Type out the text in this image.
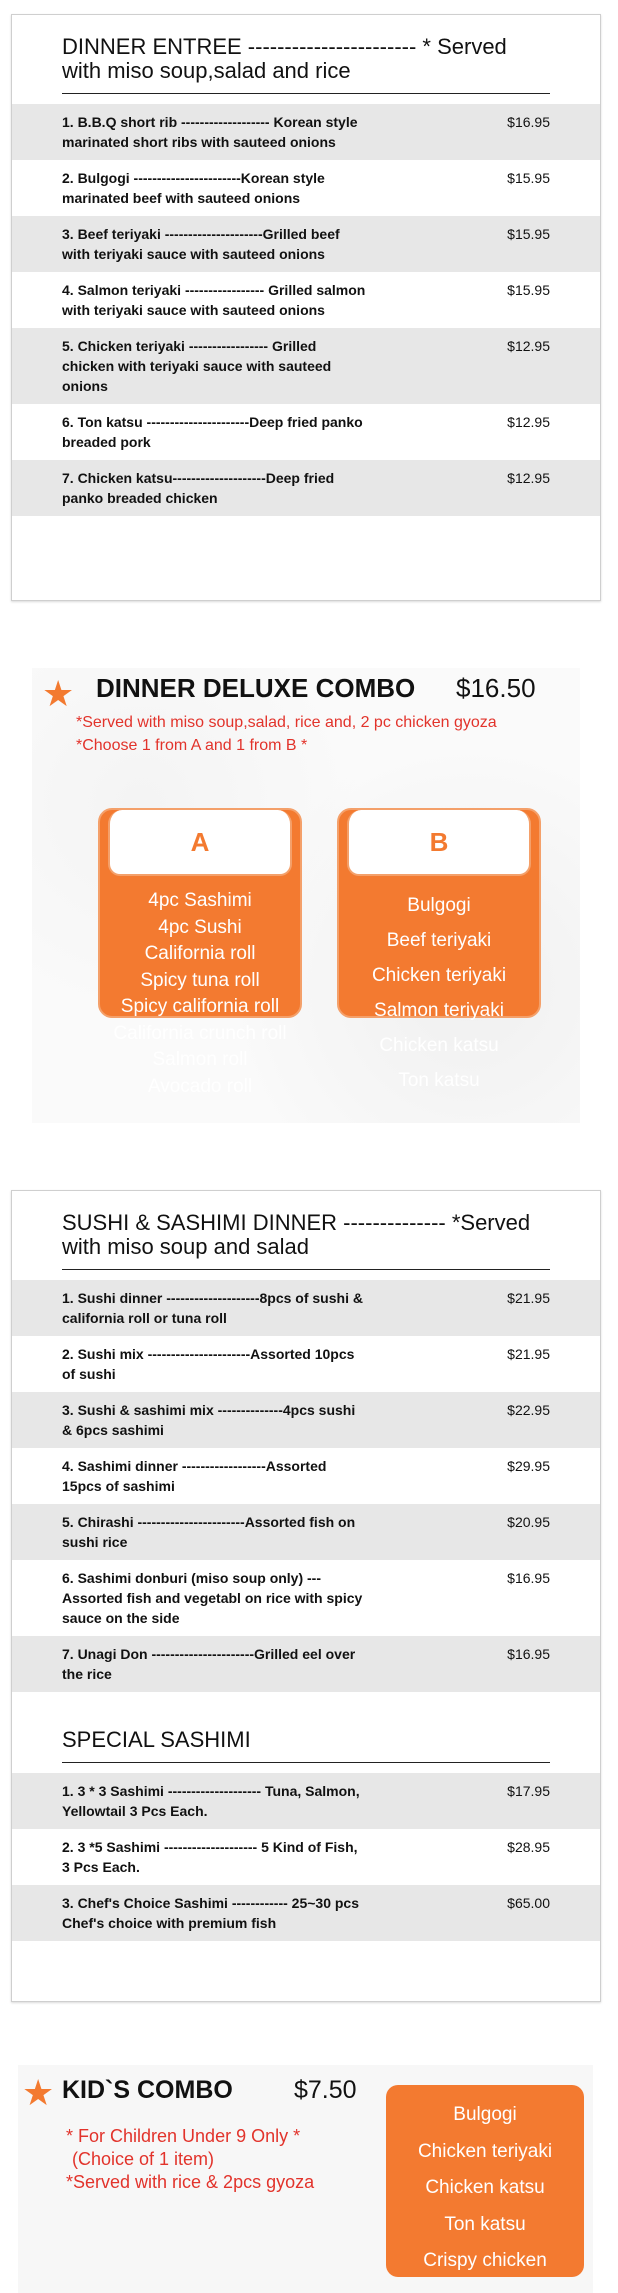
DINNER ENTREE ----------------------- * Served with miso soup,salad and rice
1. B.B.Q short rib ------------------- Korean style marinated short ribs with sauteed onions
$16.95
2. Bulgogi -----------------------Korean style marinated beef with sauteed onions
$15.95
3. Beef teriyaki ---------------------Grilled beef with teriyaki sauce with sauteed onions
$15.95
4. Salmon teriyaki ----------------- Grilled salmon with teriyaki sauce with sauteed onions
$15.95
5. Chicken teriyaki ----------------- Grilled chicken with teriyaki sauce with sauteed onions
$12.95
6. Ton katsu ----------------------Deep fried panko breaded pork
$12.95
7. Chicken katsu--------------------Deep fried panko breaded chicken
$12.95
★ DINNER DELUXE COMBO $16.50
*Served with miso soup,salad, rice and, 2 pc chicken gyoza
*Choose 1 from A and 1 from B *
A
4pc Sashimi
4pc Sushi
California roll
Spicy tuna roll
Spicy california roll
California crunch roll
Salmon roll
Avocado roll
B
Bulgogi
Beef teriyaki
Chicken teriyaki
Salmon teriyaki
Chicken katsu
Ton katsu
SUSHI & SASHIMI DINNER -------------- *Served with miso soup and salad
1. Sushi dinner --------------------8pcs of sushi & california roll or tuna roll
$21.95
2. Sushi mix ----------------------Assorted 10pcs of sushi
$21.95
3. Sushi & sashimi mix --------------4pcs sushi & 6pcs sashimi
$22.95
4. Sashimi dinner ------------------Assorted 15pcs of sashimi
$29.95
5. Chirashi -----------------------Assorted fish on sushi rice
$20.95
6. Sashimi donburi (miso soup only) --- Assorted fish and vegetabl on rice with spicy sauce on the side
$16.95
7. Unagi Don ----------------------Grilled eel over the rice
$16.95
SPECIAL SASHIMI
1. 3 * 3 Sashimi -------------------- Tuna, Salmon, Yellowtail 3 Pcs Each.
$17.95
2. 3 *5 Sashimi -------------------- 5 Kind of Fish, 3 Pcs Each.
$28.95
3. Chef's Choice Sashimi ------------ 25~30 pcs Chef's choice with premium fish
$65.00
★ KID`S COMBO $7.50
* For Children Under 9 Only *
(Choice of 1 item)
*Served with rice & 2pcs gyoza
Bulgogi
Chicken teriyaki
Chicken katsu
Ton katsu
Crispy chicken
